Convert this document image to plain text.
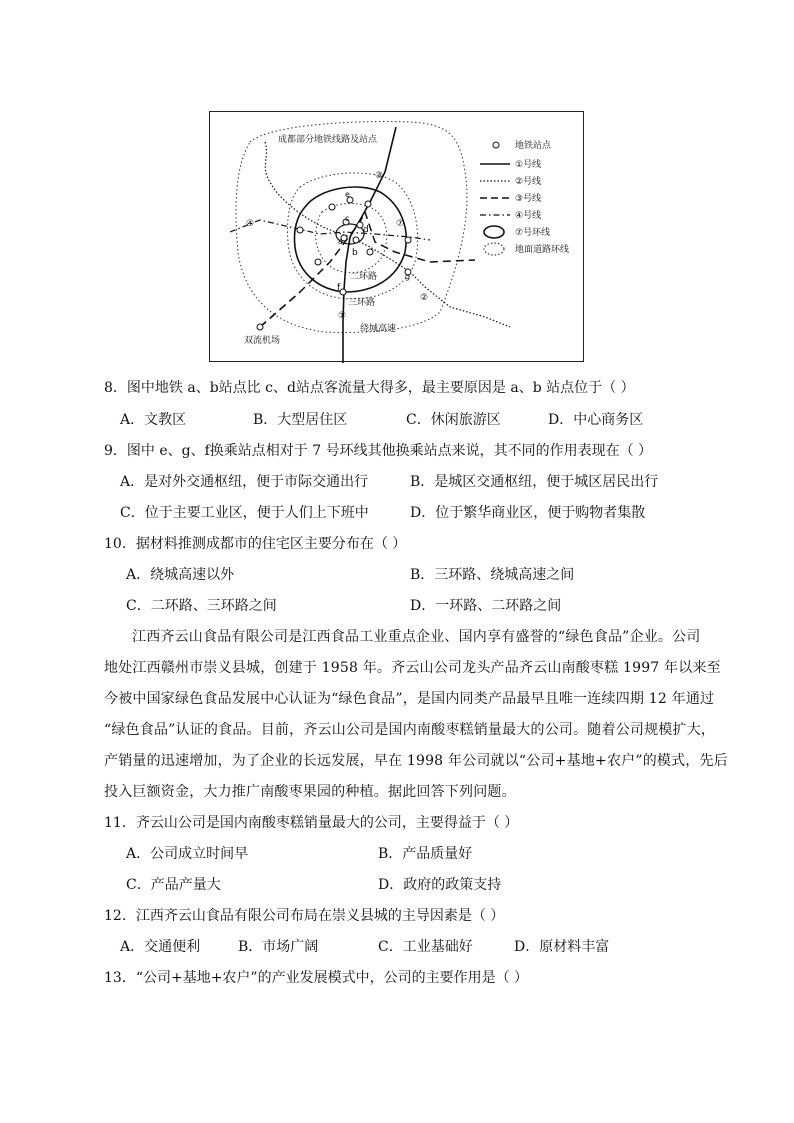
成都部分地铁线路及站点
二环路
三环路
绕城高速
双流机场
a
b
c
d
e
f
g
③
④	⑦
②
①
地铁站点
①号线
②号线
③号线
④号线
⑦号环线
地面道路环线
8．图中地铁 a、b站点比 c、d站点客流量大得多，最主要原因是 a、b 站点位于（ ）
A．文教区	B．大型居住区	C．休闲旅游区	D．中心商务区
9．图中 e、g、f换乘站点相对于 7 号环线其他换乘站点来说，其不同的作用表现在（ ）
A．是对外交通枢纽，便于市际交通出行	B．是城区交通枢纽，便于城区居民出行
C．位于主要工业区，便于人们上下班中	D．位于繁华商业区，便于购物者集散
10．据材料推测成都市的住宅区主要分布在（ ）
A．绕城高速以外	B．三环路、绕城高速之间
C．二环路、三环路之间	D．一环路、二环路之间
江西齐云山食品有限公司是江西食品工业重点企业、国内享有盛誉的“绿色食品”企业。公司
地处江西赣州市崇义县城，创建于 1958 年。齐云山公司龙头产品齐云山南酸枣糕 1997 年以来至
今被中国家绿色食品发展中心认证为“绿色食品”，是国内同类产品最早且唯一连续四期 12 年通过
“绿色食品”认证的食品。目前，齐云山公司是国内南酸枣糕销量最大的公司。随着公司规模扩大，
产销量的迅速增加，为了企业的长远发展，早在 1998 年公司就以“公司+基地+农户”的模式，先后
投入巨额资金，大力推广南酸枣果园的种植。据此回答下列问题。
11．齐云山公司是国内南酸枣糕销量最大的公司，主要得益于（ ）
A．公司成立时间早	B．产品质量好
C．产品产量大	D．政府的政策支持
12．江西齐云山食品有限公司布局在崇义县城的主导因素是（ ）
A．交通便利	B．市场广阔	C．工业基础好	D．原材料丰富
13．“公司+基地+农户”的产业发展模式中，公司的主要作用是（ ）
